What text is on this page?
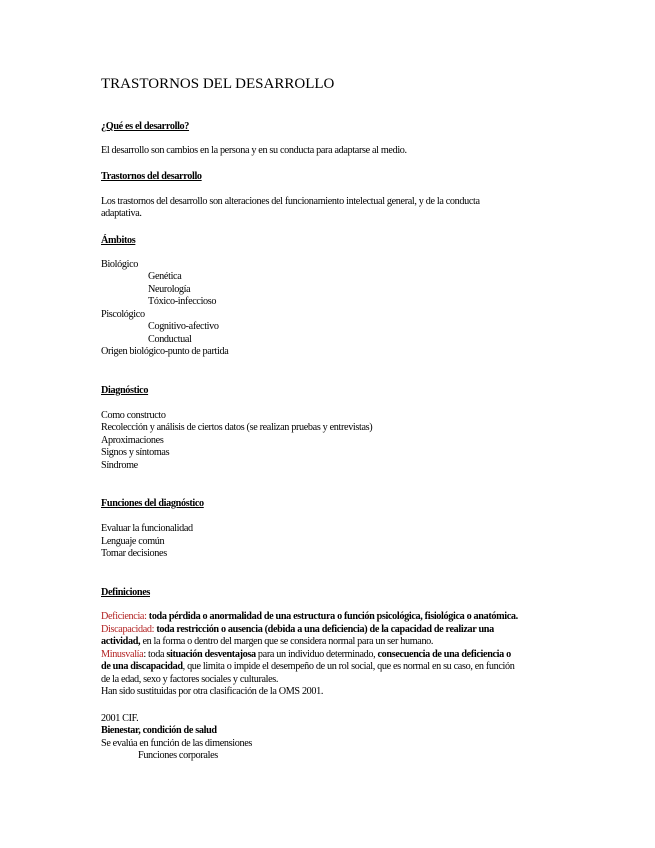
TRASTORNOS DEL DESARROLLO

¿Qué es el desarrollo?

El desarrollo son cambios en la persona y en su conducta para adaptarse al medio.

Trastornos del desarrollo

Los trastornos del desarrollo son alteraciones del funcionamiento intelectual general, y de la conducta

adaptativa.

Ámbitos

Biológico

Genética

Neurología

Tóxico-infeccioso

Piscológico

Cognitivo-afectivo

Conductual

Origen biológico-punto de partida

Diagnóstico

Como constructo

Recolección y análisis de ciertos datos (se realizan pruebas y entrevistas)

Aproximaciones

Signos y síntomas

Síndrome

Funciones del diagnóstico

Evaluar la funcionalidad

Lenguaje común

Tomar decisiones

Definiciones

Deficiencia: toda pérdida o anormalidad de una estructura o función psicológica, fisiológica o anatómica.

Discapacidad: toda restricción o ausencia (debida a una deficiencia) de la capacidad de realizar una

actividad, en la forma o dentro del margen que se considera normal para un ser humano.

Minusvalía: toda situación desventajosa para un individuo determinado, consecuencia de una deficiencia o

de una discapacidad, que limita o impide el desempeño de un rol social, que es normal en su caso, en función

de la edad, sexo y factores sociales y culturales.

Han sido sustituidas por otra clasificación de la OMS 2001.

2001 CIF.

Bienestar, condición de salud

Se evalúa en función de las dimensiones

Funciones corporales
